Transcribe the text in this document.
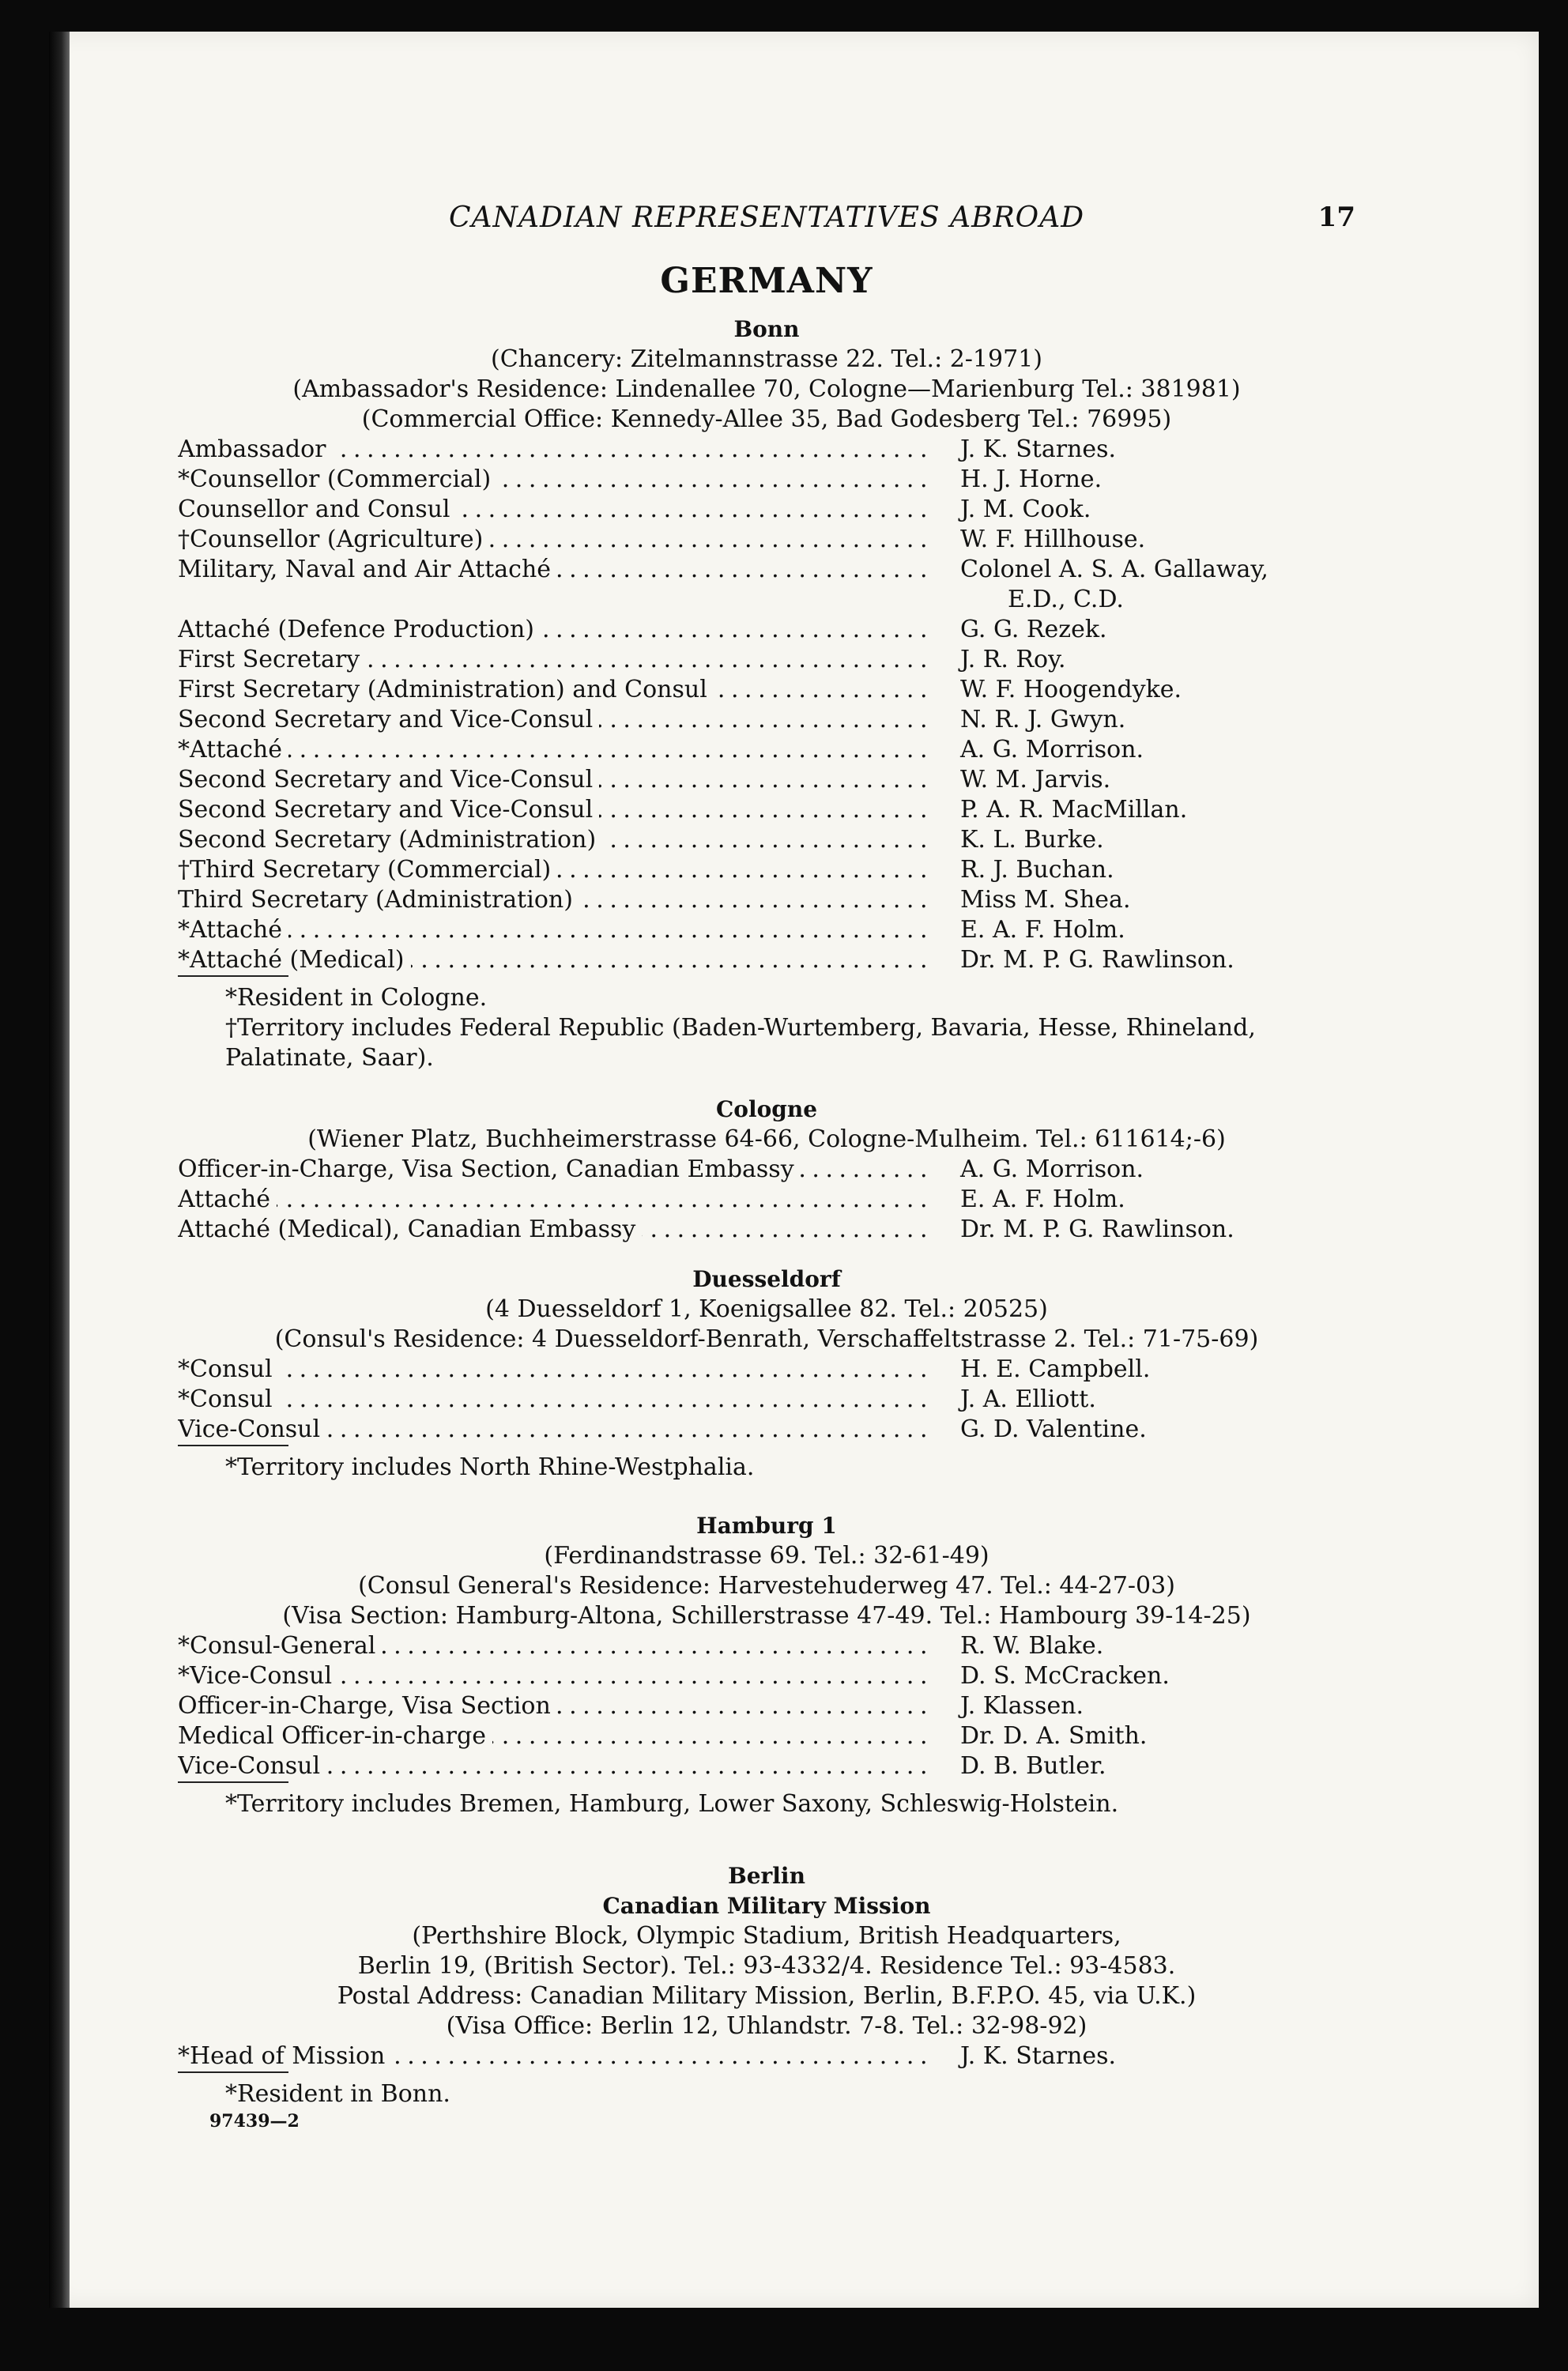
CANADIAN REPRESENTATIVES ABROAD	17
GERMANY
Bonn
(Chancery: Zitelmannstrasse 22. Tel.: 2-1971)
(Ambassador's Residence: Lindenallee 70, Cologne—Marienburg Tel.: 381981)
(Commercial Office: Kennedy-Allee 35, Bad Godesberg Tel.: 76995)
Ambassador . . .	J. K. Starnes.
*Counsellor (Commercial) . . .	H. J. Horne.
Counsellor and Consul . . .	J. M. Cook.
†Counsellor (Agriculture) . . .	W. F. Hillhouse.
Military, Naval and Air Attaché . . .	Colonel A. S. A. Gallaway,
E.D., C.D.
Attaché (Defence Production) . . .	G. G. Rezek.
First Secretary . . .	J. R. Roy.
First Secretary (Administration) and Consul . . .	W. F. Hoogendyke.
Second Secretary and Vice-Consul . . .	N. R. J. Gwyn.
*Attaché . . .	A. G. Morrison.
Second Secretary and Vice-Consul . . .	W. M. Jarvis.
Second Secretary and Vice-Consul . . .	P. A. R. MacMillan.
Second Secretary (Administration) . . .	K. L. Burke.
†Third Secretary (Commercial) . . .	R. J. Buchan.
Third Secretary (Administration) . . .	Miss M. Shea.
*Attaché . . .	E. A. F. Holm.
*Attaché (Medical) . . .	Dr. M. P. G. Rawlinson.
*Resident in Cologne.
†Territory includes Federal Republic (Baden-Wurtemberg, Bavaria, Hesse, Rhineland, Palatinate, Saar).
Cologne
(Wiener Platz, Buchheimerstrasse 64-66, Cologne-Mulheim. Tel.: 611614;-6)
Officer-in-Charge, Visa Section, Canadian Embassy . . .	A. G. Morrison.
Attaché . . .	E. A. F. Holm.
Attaché (Medical), Canadian Embassy . . .	Dr. M. P. G. Rawlinson.
Duesseldorf
(4 Duesseldorf 1, Koenigsallee 82. Tel.: 20525)
(Consul's Residence: 4 Duesseldorf-Benrath, Verschaffeltstrasse 2. Tel.: 71-75-69)
*Consul . . .	H. E. Campbell.
*Consul . . .	J. A. Elliott.
Vice-Consul . . .	G. D. Valentine.
*Territory includes North Rhine-Westphalia.
Hamburg 1
(Ferdinandstrasse 69. Tel.: 32-61-49)
(Consul General's Residence: Harvestehuderweg 47. Tel.: 44-27-03)
(Visa Section: Hamburg-Altona, Schillerstrasse 47-49. Tel.: Hambourg 39-14-25)
*Consul-General . . .	R. W. Blake.
*Vice-Consul . . .	D. S. McCracken.
Officer-in-Charge, Visa Section . . .	J. Klassen.
Medical Officer-in-charge . . .	Dr. D. A. Smith.
Vice-Consul . . .	D. B. Butler.
*Territory includes Bremen, Hamburg, Lower Saxony, Schleswig-Holstein.
Berlin
Canadian Military Mission
(Perthshire Block, Olympic Stadium, British Headquarters,
Berlin 19, (British Sector). Tel.: 93-4332/4. Residence Tel.: 93-4583.
Postal Address: Canadian Military Mission, Berlin, B.F.P.O. 45, via U.K.)
(Visa Office: Berlin 12, Uhlandstr. 7-8. Tel.: 32-98-92)
*Head of Mission . . .	J. K. Starnes.
*Resident in Bonn.
97439—2
